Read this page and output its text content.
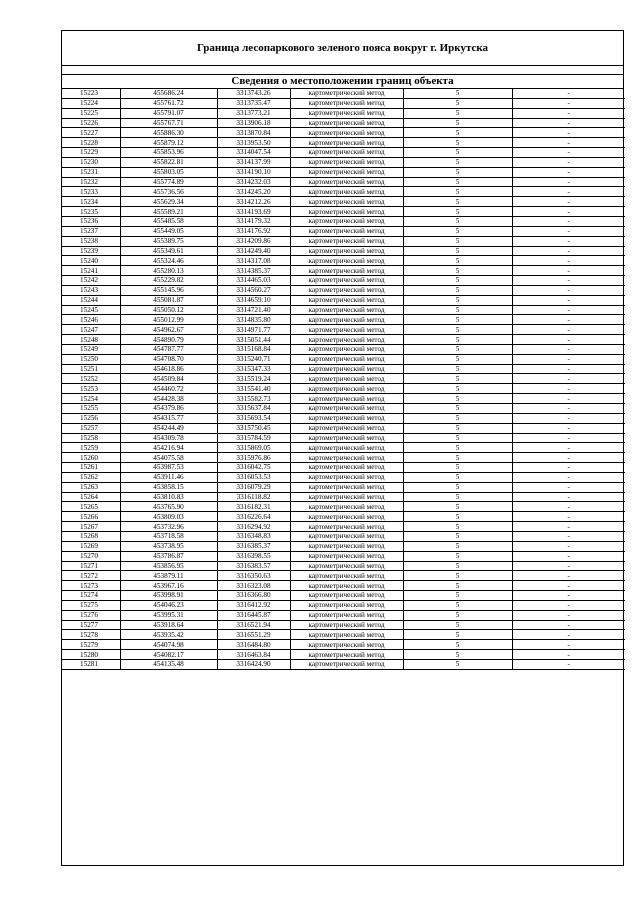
Граница лесопаркового зеленого пояса вокруг г. Иркутска
Сведения о местоположении границ объекта
15223	455686.24	3313743.26	картометрический метод	5	-
15224	455761.72	3313735.47	картометрический метод	5	-
15225	455791.07	3313773.21	картометрический метод	5	-
15226	455767.71	3313906.18	картометрический метод	5	-
15227	455886.30	3313870.84	картометрический метод	5	-
15228	455879.12	3313953.50	картометрический метод	5	-
15229	455853.96	3314047.54	картометрический метод	5	-
15230	455822.81	3314137.99	картометрический метод	5	-
15231	455803.05	3314190.10	картометрический метод	5	-
15232	455774.89	3314232.03	картометрический метод	5	-
15233	455736.56	3314245.20	картометрический метод	5	-
15234	455629.34	3314212.26	картометрический метод	5	-
15235	455589.21	3314193.69	картометрический метод	5	-
15236	455485.58	3314179.32	картометрический метод	5	-
15237	455449.05	3314176.92	картометрический метод	5	-
15238	455389.75	3314209.86	картометрический метод	5	-
15239	455349.61	3314249.40	картометрический метод	5	-
15240	455324.46	3314317.08	картометрический метод	5	-
15241	455280.13	3314385.37	картометрический метод	5	-
15242	455229.82	3314465.03	картометрический метод	5	-
15243	455145.96	3314560.27	картометрический метод	5	-
15244	455081.87	3314659.10	картометрический метод	5	-
15245	455050.12	3314721.40	картометрический метод	5	-
15246	455012.99	3314835.80	картометрический метод	5	-
15247	454962.67	3314971.77	картометрический метод	5	-
15248	454890.79	3315051.44	картометрический метод	5	-
15249	454787.77	3315168.84	картометрический метод	5	-
15250	454708.70	3315240.71	картометрический метод	5	-
15251	454618.86	3315347.33	картометрический метод	5	-
15252	454509.84	3315519.24	картометрический метод	5	-
15253	454460.72	3315541.40	картометрический метод	5	-
15254	454428.38	3315582.73	картометрический метод	5	-
15255	454379.86	3315637.84	картометрический метод	5	-
15256	454315.77	3315693.54	картометрический метод	5	-
15257	454244.49	3315750.45	картометрический метод	5	-
15258	454309.78	3315784.59	картометрический метод	5	-
15259	454216.94	3315869.05	картометрический метод	5	-
15260	454075.58	3315976.86	картометрический метод	5	-
15261	453987.53	3316042.75	картометрический метод	5	-
15262	453911.46	3316053.53	картометрический метод	5	-
15263	453858.15	3316079.29	картометрический метод	5	-
15264	453810.83	3316118.82	картометрический метод	5	-
15265	453765.90	3316182.31	картометрический метод	5	-
15266	453809.03	3316226.64	картометрический метод	5	-
15267	453732.96	3316294.92	картометрический метод	5	-
15268	453718.58	3316348.83	картометрический метод	5	-
15269	453738.95	3316385.37	картометрический метод	5	-
15270	453786.87	3316398.55	картометрический метод	5	-
15271	453856.95	3316383.57	картометрический метод	5	-
15272	453879.11	3316350.63	картометрический метод	5	-
15273	453967.16	3316323.08	картометрический метод	5	-
15274	453998.91	3316366.80	картометрический метод	5	-
15275	454046.23	3316412.92	картометрический метод	5	-
15276	453995.31	3316445.87	картометрический метод	5	-
15277	453918.64	3316521.94	картометрический метод	5	-
15278	453935.42	3316551.29	картометрический метод	5	-
15279	454074.98	3316484.80	картометрический метод	5	-
15280	454082.17	3316463.84	картометрический метод	5	-
15281	454135.48	3316424.90	картометрический метод	5	-
